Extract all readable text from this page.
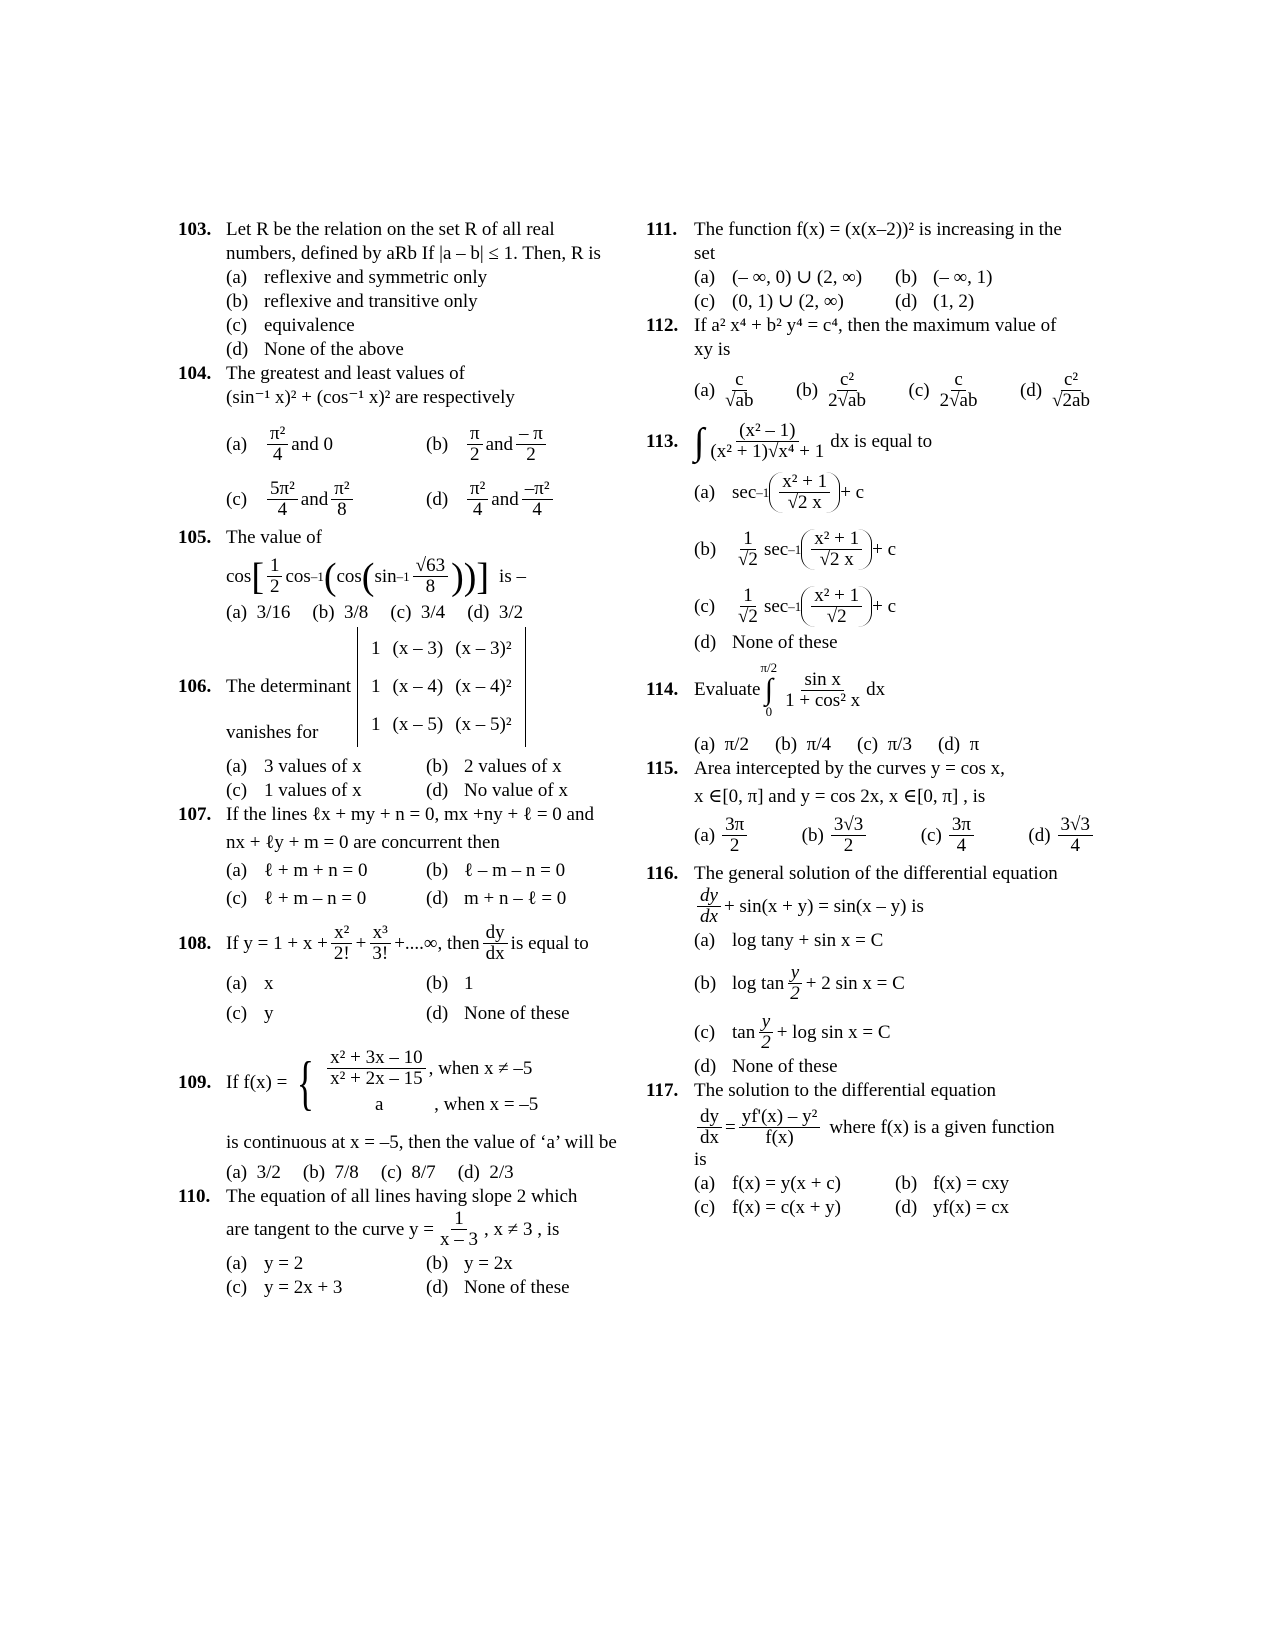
103. Let R be the relation on the set R of all real
numbers, defined by aRb If |a – b| ≤ 1. Then, R is
(a) reflexive and symmetric only
(b) reflexive and transitive only
(c) equivalence
(d) None of the above
104. The greatest and least values of
(sin⁻¹ x)² + (cos⁻¹ x)² are respectively
(a)	$\frac{\text{π²}}{4}$ and 0	$(b) \frac{\pi}{2}$ and $\frac{- \pi}{2}$
(c)	$\frac{\text{5π²}}{4}$ and $\frac{\text{π²}}{8}$	$(d) \frac{\text{π²}}{4}$ and $\frac{\text{–π²}}{4}$
105. The value of
cos [ $\frac{1}{2}$ cos –1 ( cos ( $\sin -1 \frac{√63}{8}$ ))] is –
(a)
3/16 (b)
3/8 (c)
3/4 (d)
3/2
106. The determinant
1	(x – 3)	(x – 3)²
1	(x – 4)	(x – 4)²
1	(x – 5)	(x – 5)²
vanishes for
(a) 3 values of x	(b) 2 values of x
(c) 1 values of x	(d) No value of x
107. If the lines ℓx + my + n = 0, mx +ny + ℓ = 0 and
nx + ℓy + m = 0 are concurrent then
(a) ℓ + m + n = 0	(b) ℓ – m – n = 0
(c) ℓ + m – n = 0	(d) m + n – ℓ = 0
108. If $y = 1 + x + \frac{\text{x²}}{2!} + \frac{\text{x³}}{3!}$ +....∞, then $\frac{dy}{dx}$ is equal to
(a) x	(b) 1
(c) y	(d) None of these
109. If f(x) = { $\frac{\text{x² + 3x – 10}}{\text{x² + 2x – 15}}$ , when x ≠ –5
a	, when x = –5
is continuous at x = –5, then the value of ‘a’ will be
(a)
3/2 (b)
7/8 (c)
8/7 (d)
2/3
110. The equation of all lines having slope 2 which
are tangent to the curve $y = \frac{1}{x - 3}$ , x ≠ 3 , is
(a) y = 2	(b) y = 2x
(c) y = 2x + 3	(d) None of these
111. The function f(x) = (x(x–2))² is increasing in the
set
(a) (– ∞, 0) ∪ (2, ∞) (b) (– ∞, 1)
(c) (0, 1) ∪ (2, ∞)	(d) (1, 2)
112. If a² x⁴ + b² y⁴ = c⁴, then the maximum value of
xy is
$(a) \frac{c}{√ab} (b) \frac{\text{c²}}{2√ab} (c) \frac{c}{2√ab} (d) \frac{\text{c²}}{√2ab}$
113. ∫ $\frac{\text{(x² – 1)}}{\text{(x² + 1)√x⁴ + 1}}$ dx is equal to
(a) $\sec -1 \frac{\text{x² + 1}}{√2 x} + c$
$(b) \frac{1}{√2}$ $\sec -1 \frac{\text{x² + 1}}{√2 x} + c$
(c)	$\frac{1}{√2}$ $\sec -1 \frac{\text{x² + 1}}{√2} + c$
(d) None of these
114. Evaluate
π/2
∫
0
$\frac{\text{sin x}}{\text{1 + cos² x}}$ dx
(a)
π/2 (b)
π/4 (c)
π/3 (d)
π
115. Area intercepted by the curves y = cos x,
x ∈[0, π] and y = cos 2x, x ∈[0, π] , is
$(a) \frac{3\pi}{2}$	$(b) \frac{3√3}{2}$	$(c) \frac{3\pi}{4}$	$(d) \frac{3√3}{4}$
116. The general solution of the differential equation
$\frac{dy}{dx} + \sin(x + y) = \sin(x - y)$
is
(a) log tany + sin x = C
(b) $\log \tan \frac{y}{2} + 2$ sin x = C
(c) $\tan \frac{y}{2} + \log \sin x = C$
(d) None of these
117. The solution to the differential equation
$\frac{dy}{dx} = \frac{\text{yf'(x) – y²}}{f(x)}$ where f(x) is a given function
is
(a) f(x) = y(x + c)	(b) f(x) = cxy
(c) f(x) = c(x + y)	(d) yf(x) = cx
